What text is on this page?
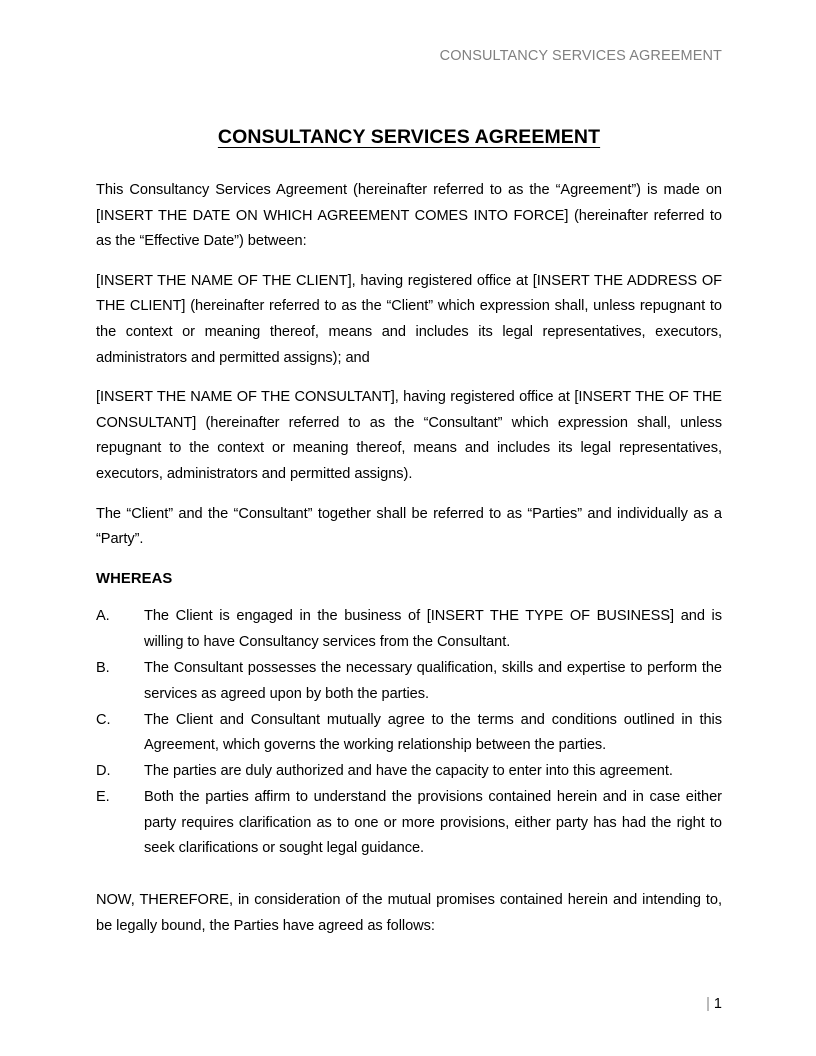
CONSULTANCY SERVICES AGREEMENT
CONSULTANCY SERVICES AGREEMENT

This Consultancy Services Agreement (hereinafter referred to as the “Agreement”) is made on [INSERT THE DATE ON WHICH AGREEMENT COMES INTO FORCE] (hereinafter referred to as the “Effective Date”) between:

[INSERT THE NAME OF THE CLIENT], having registered office at [INSERT THE ADDRESS OF THE CLIENT] (hereinafter referred to as the “Client” which expression shall, unless repugnant to the context or meaning thereof, means and includes its legal representatives, executors, administrators and permitted assigns); and

[INSERT THE NAME OF THE CONSULTANT], having registered office at [INSERT THE OF THE CONSULTANT] (hereinafter referred to as the “Consultant” which expression shall, unless repugnant to the context or meaning thereof, means and includes its legal representatives, executors, administrators and permitted assigns).

The “Client” and the “Consultant” together shall be referred to as “Parties” and individually as a “Party”.

WHEREAS
A.	The Client is engaged in the business of [INSERT THE TYPE OF BUSINESS] and is willing to have Consultancy services from the Consultant.
B.	The Consultant possesses the necessary qualification, skills and expertise to perform the services as agreed upon by both the parties.
C.	The Client and Consultant mutually agree to the terms and conditions outlined in this Agreement, which governs the working relationship between the parties.
D.	The parties are duly authorized and have the capacity to enter into this agreement.
E.	Both the parties affirm to understand the provisions contained herein and in case either party requires clarification as to one or more provisions, either party has had the right to seek clarifications or sought legal guidance.

NOW, THEREFORE, in consideration of the mutual promises contained herein and intending to, be legally bound, the Parties have agreed as follows:

| 1
